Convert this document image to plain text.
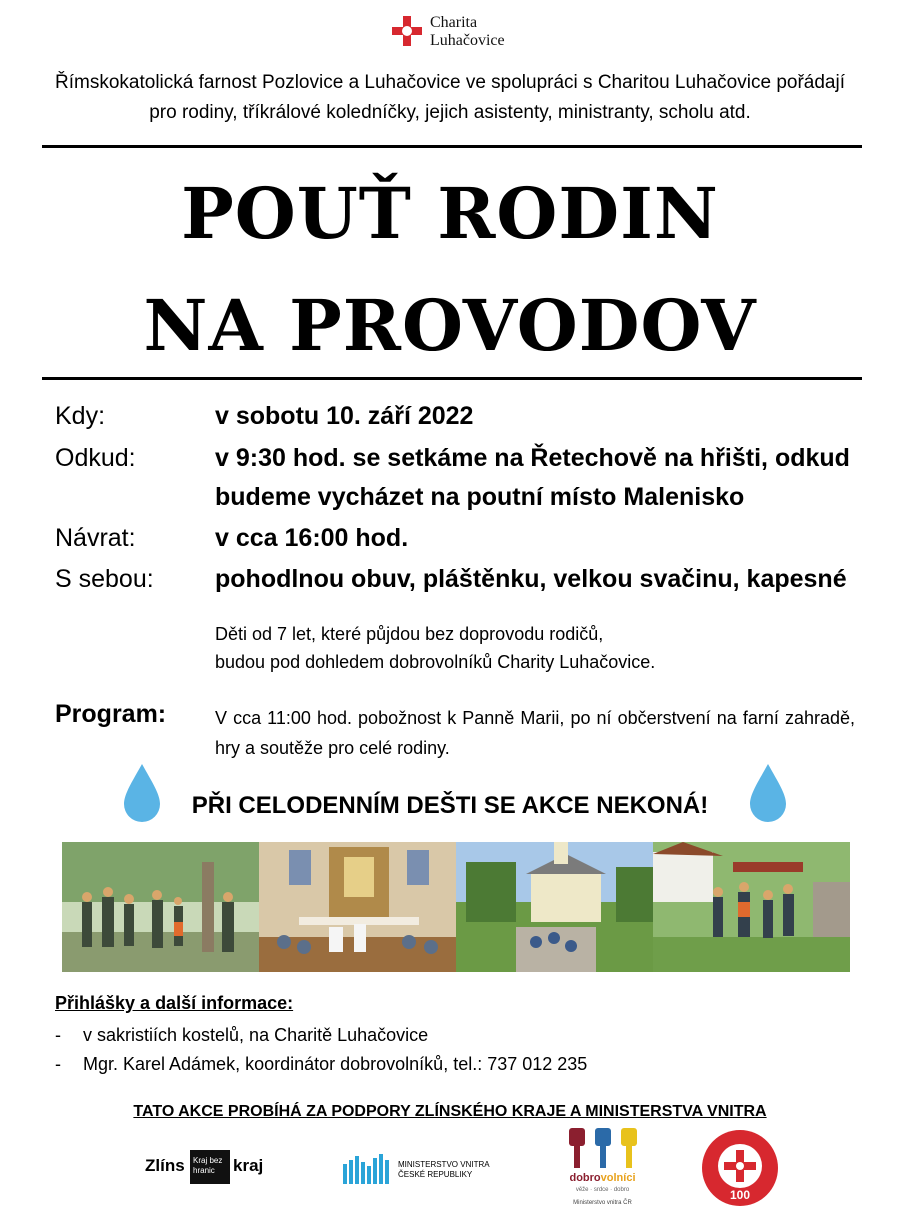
Charita
Luhačovice
Římskokatolická farnost Pozlovice a Luhačovice ve spolupráci s Charitou Luhačovice pořádají
pro rodiny, tříkrálové koledníčky, jejich asistenty, ministranty, scholu atd.
POUŤ RODIN
NA PROVODOV
Kdy:	v sobotu 10. září 2022
Odkud:	v 9:30 hod. se setkáme na Řetechově na hřišti, odkud
budeme vycházet na poutní místo Malenisko
Návrat:	v cca 16:00 hod.
S sebou: pohodlnou obuv, pláštěnku, velkou svačinu, kapesné
Děti od 7 let, které půjdou bez doprovodu rodičů,
budou pod dohledem dobrovolníků Charity Luhačovice.
Program:	V cca 11:00 hod. pobožnost k Panně Marii, po ní občerstvení na farní zahradě, hry a soutěže pro celé rodiny.
PŘI CELODENNÍM DEŠTI SE AKCE NEKONÁ!
Přihlášky a další informace:
- v sakristiích kostelů, na Charitě Luhačovice
- Mgr. Karel Adámek, koordinátor dobrovolníků, tel.: 737 012 235
TATO AKCE PROBÍHÁ ZA PODPORY ZLÍNSKÉHO KRAJE A MINISTERSTVA VNITRA
Zlíns Kraj bez
hranic	kraj	MINISTERSTVO VNITRA
ČESKÉ REPUBLIKY	dobrovolníci
věže · srdce · dobro
Ministerstvo vnitra ČR
100
